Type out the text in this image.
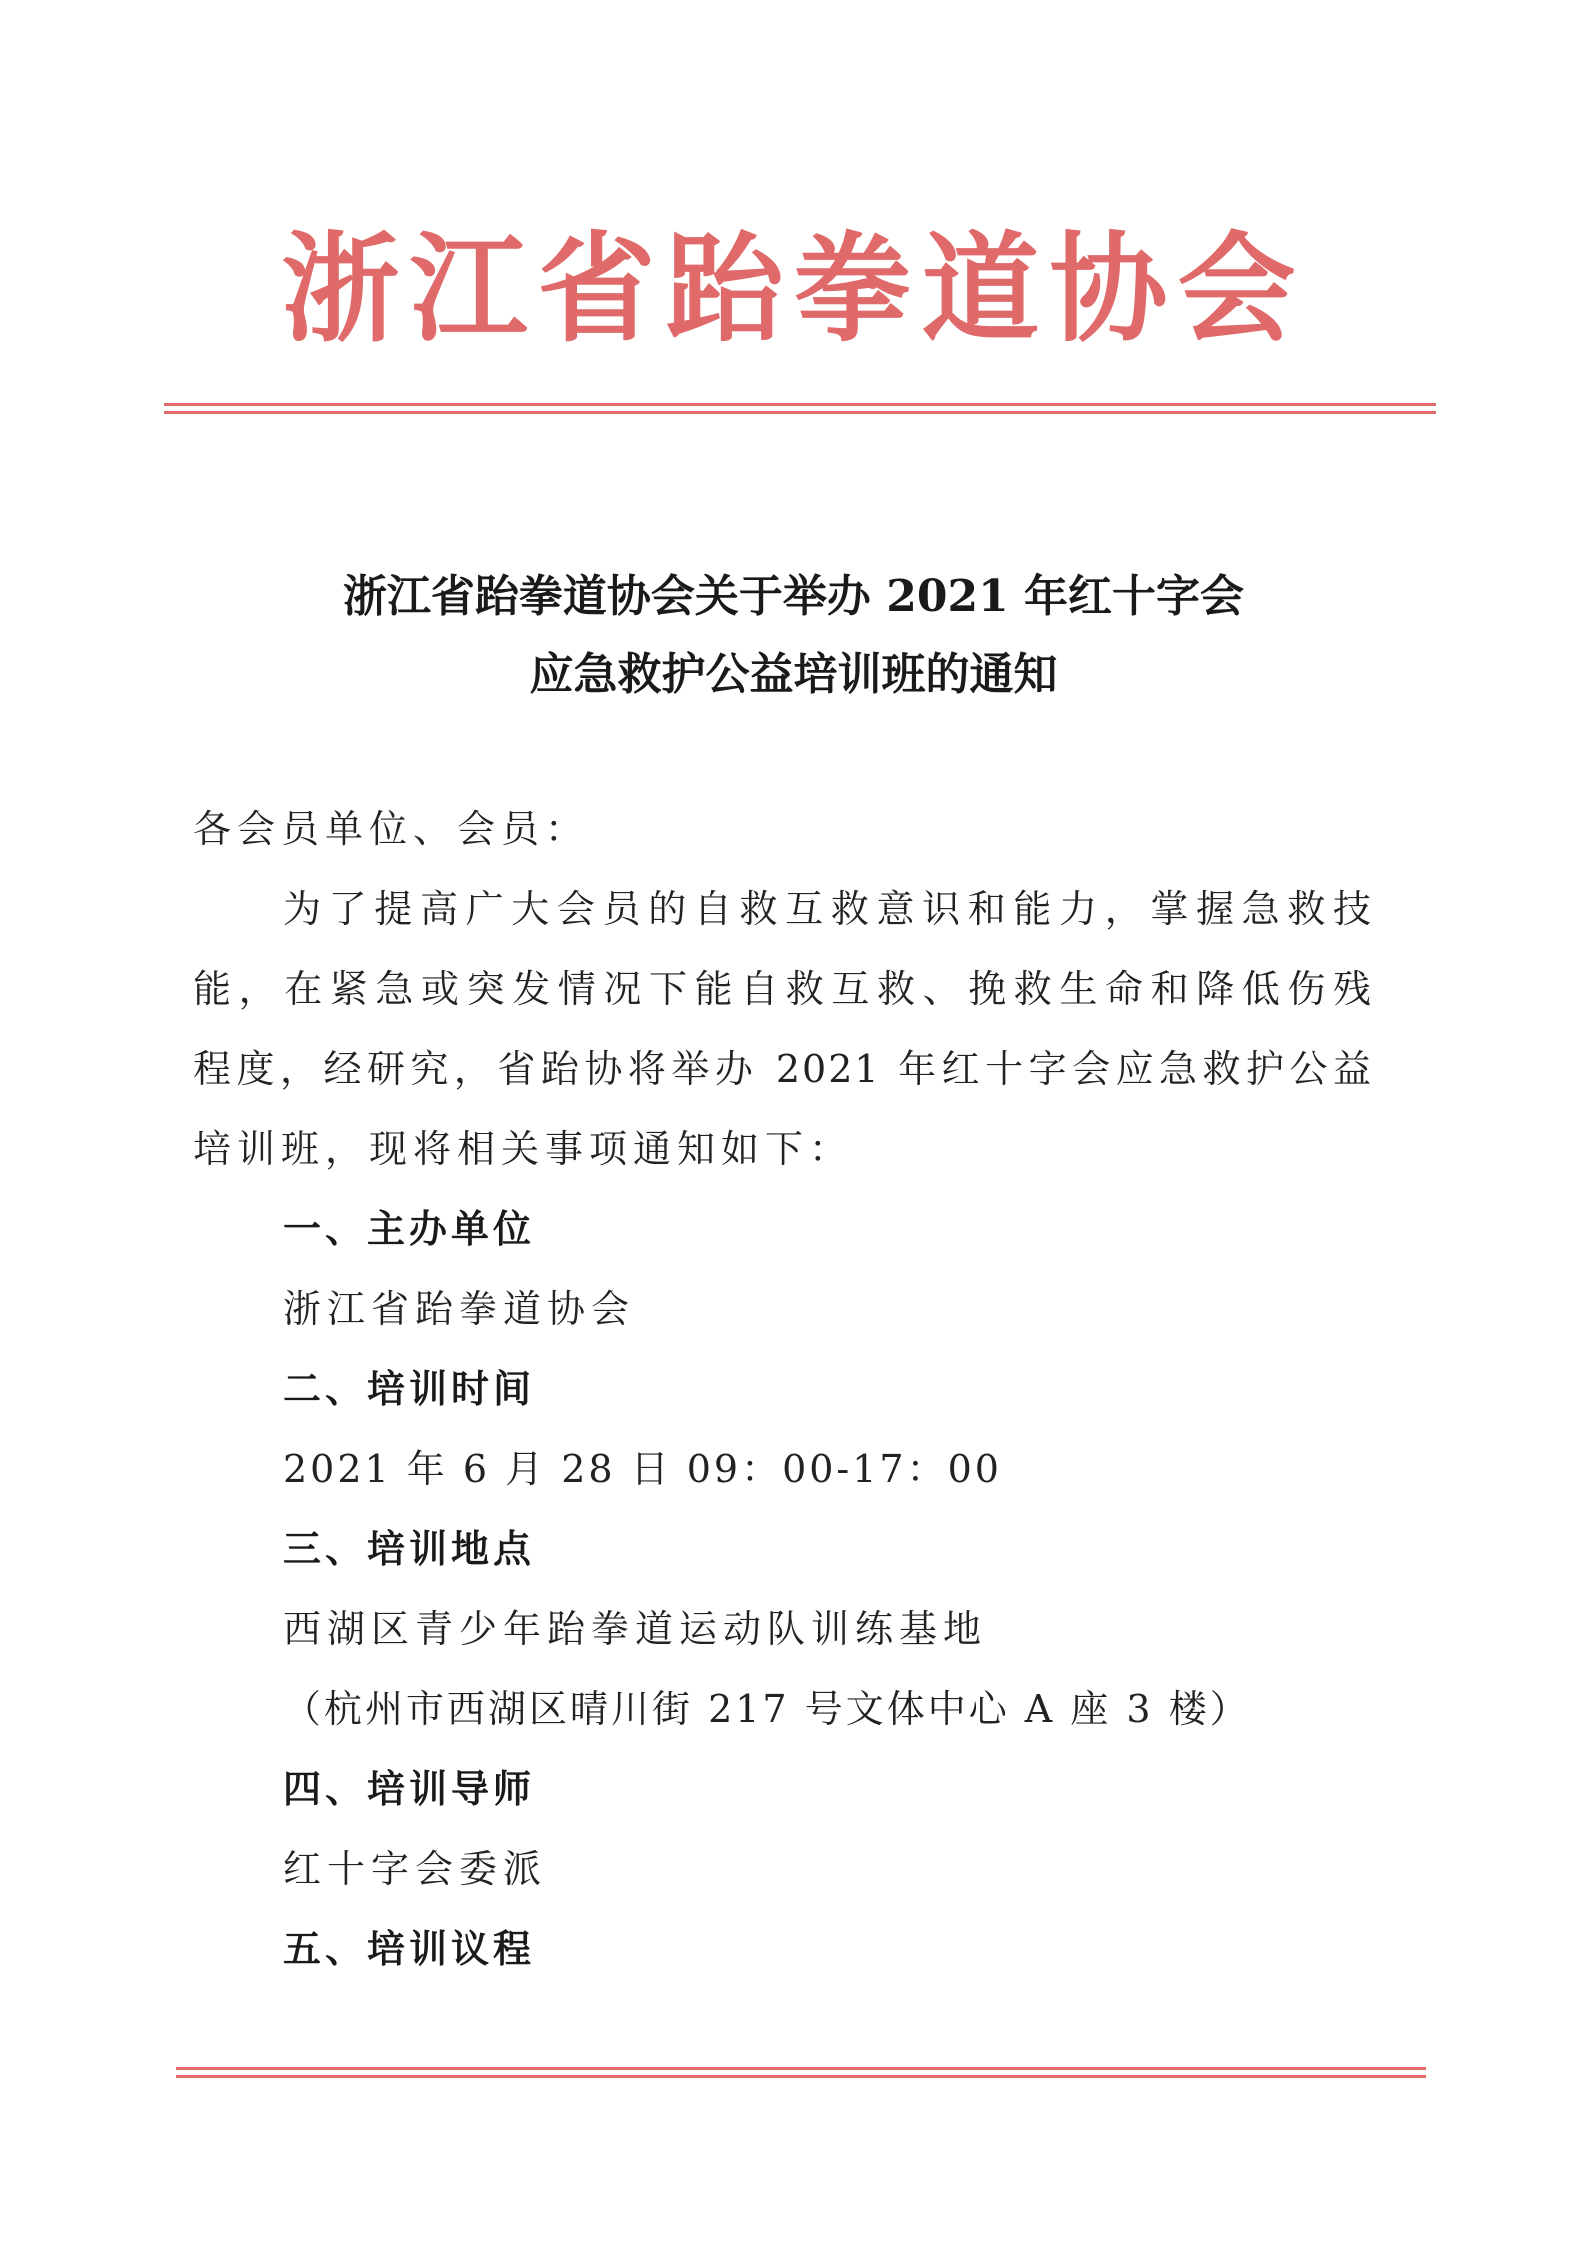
浙江省跆拳道协会
浙江省跆拳道协会关于举办 2021 年红十字会
应急救护公益培训班的通知
各会员单位、会员：
为了提高广大会员的自救互救意识和能力，掌握急救技
能，在紧急或突发情况下能自救互救、挽救生命和降低伤残
程度，经研究，省跆协将举办 2021 年红十字会应急救护公益
培训班，现将相关事项通知如下：
一、主办单位
浙江省跆拳道协会
二、培训时间
2021 年 6 月 28 日 09：00-17：00
三、培训地点
西湖区青少年跆拳道运动队训练基地
（杭州市西湖区晴川街 217 号文体中心 A 座 3 楼）
四、培训导师
红十字会委派
五、培训议程
